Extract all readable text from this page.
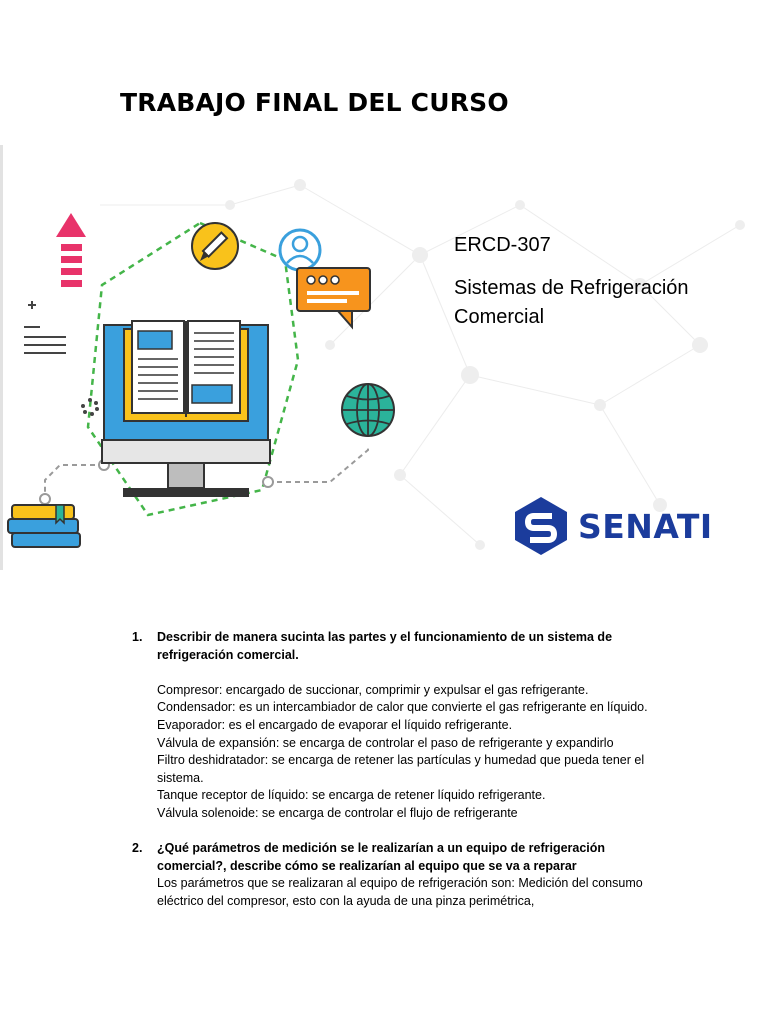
TRABAJO FINAL DEL CURSO
ERCD-307
Sistemas de Refrigeración Comercial
SENATI
1.	Describir de manera sucinta las partes y el funcionamiento de un sistema de refrigeración comercial.
Compresor: encargado de succionar, comprimir y expulsar el gas refrigerante.
Condensador: es un intercambiador de calor que convierte el gas refrigerante en líquido.
Evaporador: es el encargado de evaporar el líquido refrigerante.
Válvula de expansión: se encarga de controlar el paso de refrigerante y expandirlo
Filtro deshidratador: se encarga de retener las partículas y humedad que pueda tener el sistema.
Tanque receptor de líquido: se encarga de retener líquido refrigerante.
Válvula solenoide: se encarga de controlar el flujo de refrigerante
2.	¿Qué parámetros de medición se le realizarían a un equipo de refrigeración comercial?, describe cómo se realizarían al equipo que se va a reparar
Los parámetros que se realizaran al equipo de refrigeración son: Medición del consumo eléctrico del compresor, esto con la ayuda de una pinza perimétrica,
